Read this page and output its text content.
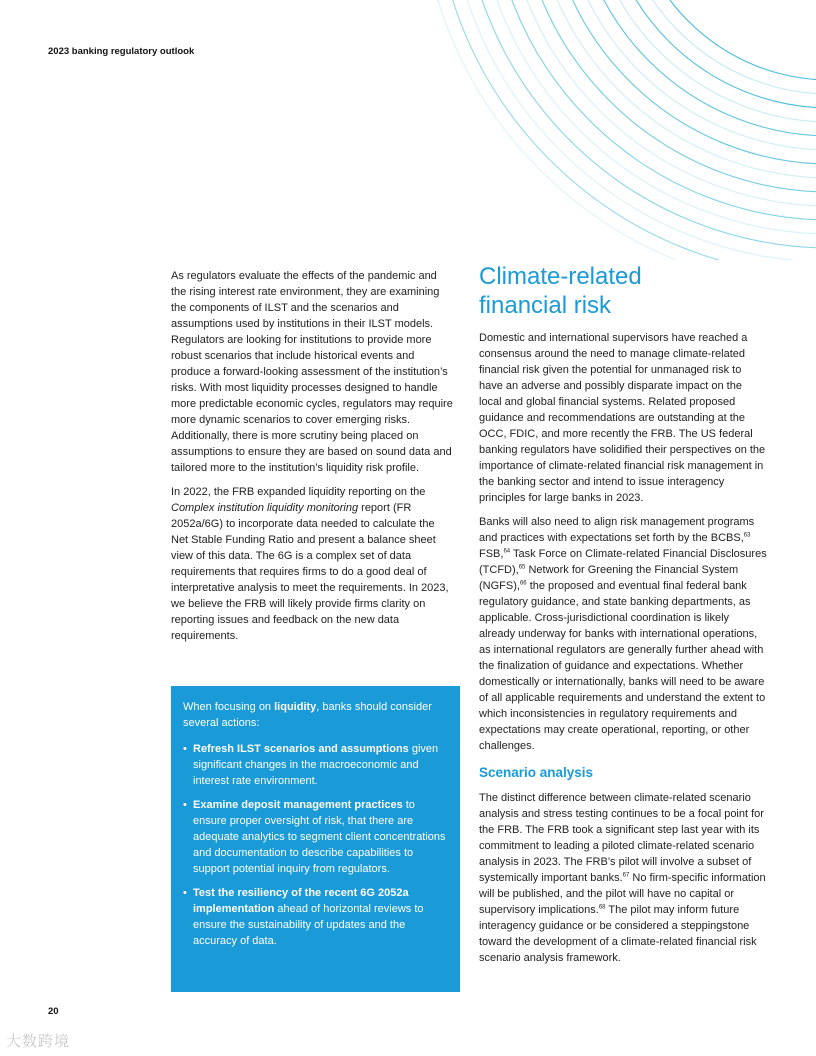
2023 banking regulatory outlook

As regulators evaluate the effects of the pandemic and the rising interest rate environment, they are examining the components of ILST and the scenarios and assumptions used by institutions in their ILST models. Regulators are looking for institutions to provide more robust scenarios that include historical events and produce a forward-looking assessment of the institution’s risks. With most liquidity processes designed to handle more predictable economic cycles, regulators may require more dynamic scenarios to cover emerging risks. Additionally, there is more scrutiny being placed on assumptions to ensure they are based on sound data and tailored more to the institution’s liquidity risk profile.

In 2022, the FRB expanded liquidity reporting on the Complex institution liquidity monitoring report (FR 2052a/6G) to incorporate data needed to calculate the Net Stable Funding Ratio and present a balance sheet view of this data. The 6G is a complex set of data requirements that requires firms to do a good deal of interpretative analysis to meet the requirements. In 2023, we believe the FRB will likely provide firms clarity on reporting issues and feedback on the new data requirements.

When focusing on liquidity, banks should consider several actions:

• Refresh ILST scenarios and assumptions given significant changes in the macroeconomic and interest rate environment.
• Examine deposit management practices to ensure proper oversight of risk, that there are adequate analytics to segment client concentrations and documentation to describe capabilities to support potential inquiry from regulators.
• Test the resiliency of the recent 6G 2052a implementation ahead of horizontal reviews to ensure the sustainability of updates and the accuracy of data.
Climate-related
financial risk

Domestic and international supervisors have reached a consensus around the need to manage climate-related financial risk given the potential for unmanaged risk to have an adverse and possibly disparate impact on the local and global financial systems. Related proposed guidance and recommendations are outstanding at the OCC, FDIC, and more recently the FRB. The US federal banking regulators have solidified their perspectives on the importance of climate-related financial risk management in the banking sector and intend to issue interagency principles for large banks in 2023.

Banks will also need to align risk management programs and practices with expectations set forth by the BCBS,$^{63}$ FSB,$^{64}$ Task Force on Climate-related Financial Disclosures (TCFD),$^{65}$ Network for Greening the Financial System (NGFS),$^{66}$ the proposed and eventual final federal bank regulatory guidance, and state banking departments, as applicable. Cross-jurisdictional coordination is likely already underway for banks with international operations, as international regulators are generally further ahead with the finalization of guidance and expectations. Whether domestically or internationally, banks will need to be aware of all applicable requirements and understand the extent to which inconsistencies in regulatory requirements and expectations may create operational, reporting, or other challenges.

Scenario analysis

The distinct difference between climate-related scenario analysis and stress testing continues to be a focal point for the FRB. The FRB took a significant step last year with its commitment to leading a piloted climate-related scenario analysis in 2023. The FRB’s pilot will involve a subset of systemically important banks.$^{67}$ No firm-specific information will be published, and the pilot will have no capital or supervisory implications.$^{68}$ The pilot may inform future interagency guidance or be considered a steppingstone toward the development of a climate-related financial risk scenario analysis framework.

20
大数跨境
